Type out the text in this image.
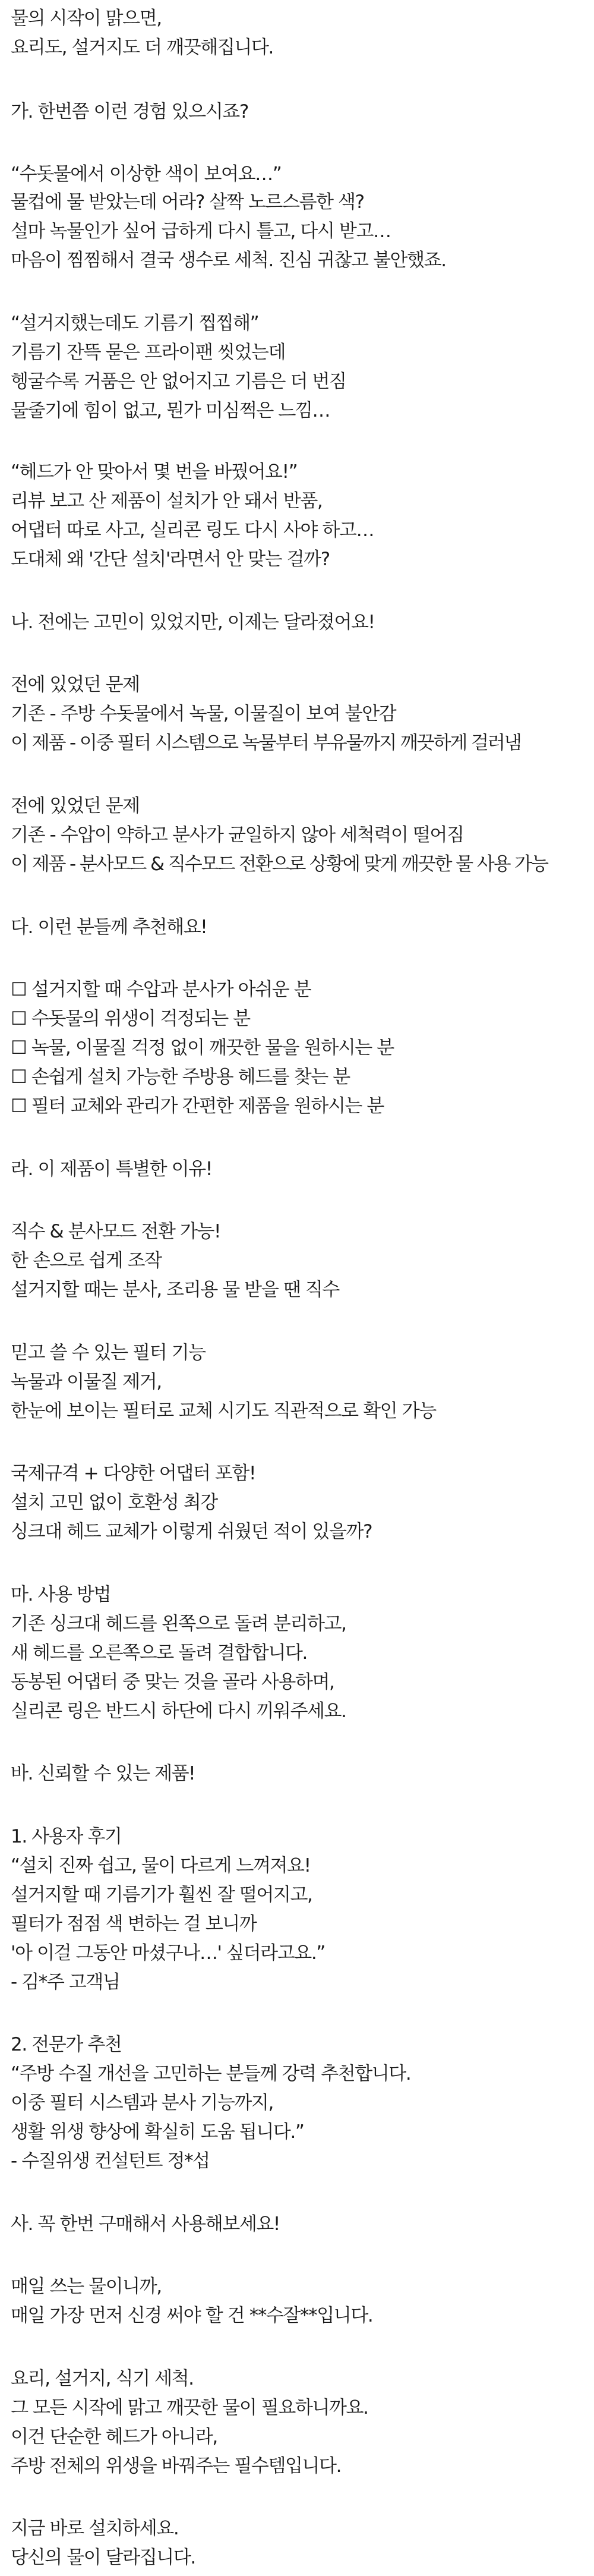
물의 시작이 맑으면,
요리도, 설거지도 더 깨끗해집니다.
가. 한번쯤 이런 경험 있으시죠?
“수돗물에서 이상한 색이 보여요…”
물컵에 물 받았는데 어라? 살짝 노르스름한 색?
설마 녹물인가 싶어 급하게 다시 틀고, 다시 받고…
마음이 찜찜해서 결국 생수로 세척. 진심 귀찮고 불안했죠.
“설거지했는데도 기름기 찝찝해”
기름기 잔뜩 묻은 프라이팬 씻었는데
헹굴수록 거품은 안 없어지고 기름은 더 번짐
물줄기에 힘이 없고, 뭔가 미심쩍은 느낌…
“헤드가 안 맞아서 몇 번을 바꿨어요!”
리뷰 보고 산 제품이 설치가 안 돼서 반품,
어댑터 따로 사고, 실리콘 링도 다시 사야 하고…
도대체 왜 '간단 설치'라면서 안 맞는 걸까?
나. 전에는 고민이 있었지만, 이제는 달라졌어요!
전에 있었던 문제
기존 - 주방 수돗물에서 녹물, 이물질이 보여 불안감
이 제품 - 이중 필터 시스템으로 녹물부터 부유물까지 깨끗하게 걸러냄
전에 있었던 문제
기존 - 수압이 약하고 분사가 균일하지 않아 세척력이 떨어짐
이 제품 - 분사모드 & 직수모드 전환으로 상황에 맞게 깨끗한 물 사용 가능
다. 이런 분들께 추천해요!
☐ 설거지할 때 수압과 분사가 아쉬운 분
☐ 수돗물의 위생이 걱정되는 분
☐ 녹물, 이물질 걱정 없이 깨끗한 물을 원하시는 분
☐ 손쉽게 설치 가능한 주방용 헤드를 찾는 분
☐ 필터 교체와 관리가 간편한 제품을 원하시는 분
라. 이 제품이 특별한 이유!
직수 & 분사모드 전환 가능!
한 손으로 쉽게 조작
설거지할 때는 분사, 조리용 물 받을 땐 직수
믿고 쓸 수 있는 필터 기능
녹물과 이물질 제거,
한눈에 보이는 필터로 교체 시기도 직관적으로 확인 가능
국제규격 + 다양한 어댑터 포함!
설치 고민 없이 호환성 최강
싱크대 헤드 교체가 이렇게 쉬웠던 적이 있을까?
마. 사용 방법
기존 싱크대 헤드를 왼쪽으로 돌려 분리하고,
새 헤드를 오른쪽으로 돌려 결합합니다.
동봉된 어댑터 중 맞는 것을 골라 사용하며,
실리콘 링은 반드시 하단에 다시 끼워주세요.
바. 신뢰할 수 있는 제품!
1. 사용자 후기
“설치 진짜 쉽고, 물이 다르게 느껴져요!
설거지할 때 기름기가 훨씬 잘 떨어지고,
필터가 점점 색 변하는 걸 보니까
'아 이걸 그동안 마셨구나…' 싶더라고요.”
- 김*주 고객님
2. 전문가 추천
“주방 수질 개선을 고민하는 분들께 강력 추천합니다.
이중 필터 시스템과 분사 기능까지,
생활 위생 향상에 확실히 도움 됩니다.”
- 수질위생 컨설턴트 정*섭
사. 꼭 한번 구매해서 사용해보세요!
매일 쓰는 물이니까,
매일 가장 먼저 신경 써야 할 건 **수잘**입니다.
요리, 설거지, 식기 세척.
그 모든 시작에 맑고 깨끗한 물이 필요하니까요.
이건 단순한 헤드가 아니라,
주방 전체의 위생을 바꿔주는 필수템입니다.
지금 바로 설치하세요.
당신의 물이 달라집니다.
